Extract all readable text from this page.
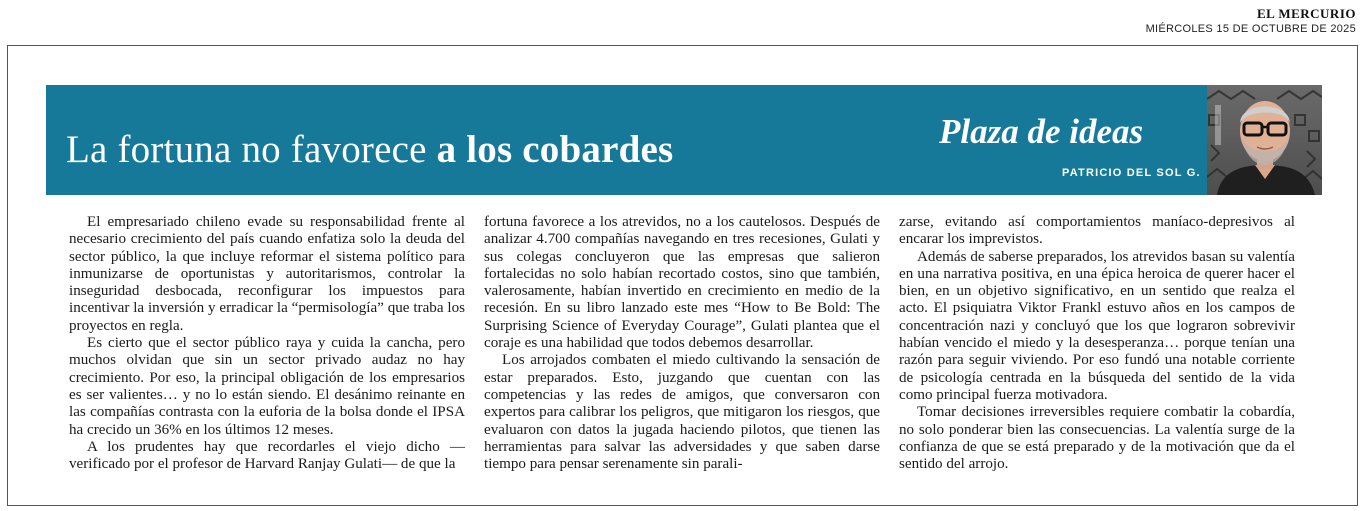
EL MERCURIO
MIÉRCOLES 15 DE OCTUBRE DE 2025
La fortuna no favorece a los cobardes	Plaza de ideas
PATRICIO DEL SOL G.

El empresariado chileno evade su responsabilidad frente al necesario crecimiento del país cuando enfatiza solo la deuda del sector público, la que incluye reformar el sistema político para inmunizarse de oportunistas y autoritarismos, controlar la inseguridad desbocada, reconfigurar los impuestos para incentivar la inversión y erradicar la “permisología” que traba los proyectos en regla.

Es cierto que el sector público raya y cuida la cancha, pero muchos olvidan que sin un sector privado audaz no hay crecimiento. Por eso, la principal obligación de los empresarios es ser valientes… y no lo están siendo. El desánimo reinante en las compañías contrasta con la euforia de la bolsa donde el IPSA ha crecido un 36% en los últimos 12 meses.

A los prudentes hay que recordarles el viejo dicho —verificado por el profesor de Harvard Ranjay Gulati— de que la

fortuna favorece a los atrevidos, no a los cautelosos. Después de analizar 4.700 compañías navegando en tres recesiones, Gulati y sus colegas concluyeron que las empresas que salieron fortalecidas no solo habían recortado costos, sino que también, valerosamente, habían invertido en crecimiento en medio de la recesión. En su libro lanzado este mes “How to Be Bold: The Surprising Science of Everyday Courage”, Gulati plantea que el coraje es una habilidad que todos debemos desarrollar.

Los arrojados combaten el miedo cultivando la sensación de estar preparados. Esto, juzgando que cuentan con las competencias y las redes de amigos, que conversaron con expertos para calibrar los peligros, que mitigaron los riesgos, que evaluaron con datos la jugada haciendo pilotos, que tienen las herramientas para salvar las adversidades y que saben darse tiempo para pensar serenamente sin parali-

zarse, evitando así comportamientos maníaco-depresivos al encarar los imprevistos.

Además de saberse preparados, los atrevidos basan su valentía en una narrativa positiva, en una épica heroica de querer hacer el bien, en un objetivo significativo, en un sentido que realza el acto. El psiquiatra Viktor Frankl estuvo años en los campos de concentración nazi y concluyó que los que lograron sobrevivir habían vencido el miedo y la desesperanza… porque tenían una razón para seguir viviendo. Por eso fundó una notable corriente de psicología centrada en la búsqueda del sentido de la vida como principal fuerza motivadora.

Tomar decisiones irreversibles requiere combatir la cobardía, no solo ponderar bien las consecuencias. La valentía surge de la confianza de que se está preparado y de la motivación que da el sentido del arrojo.
